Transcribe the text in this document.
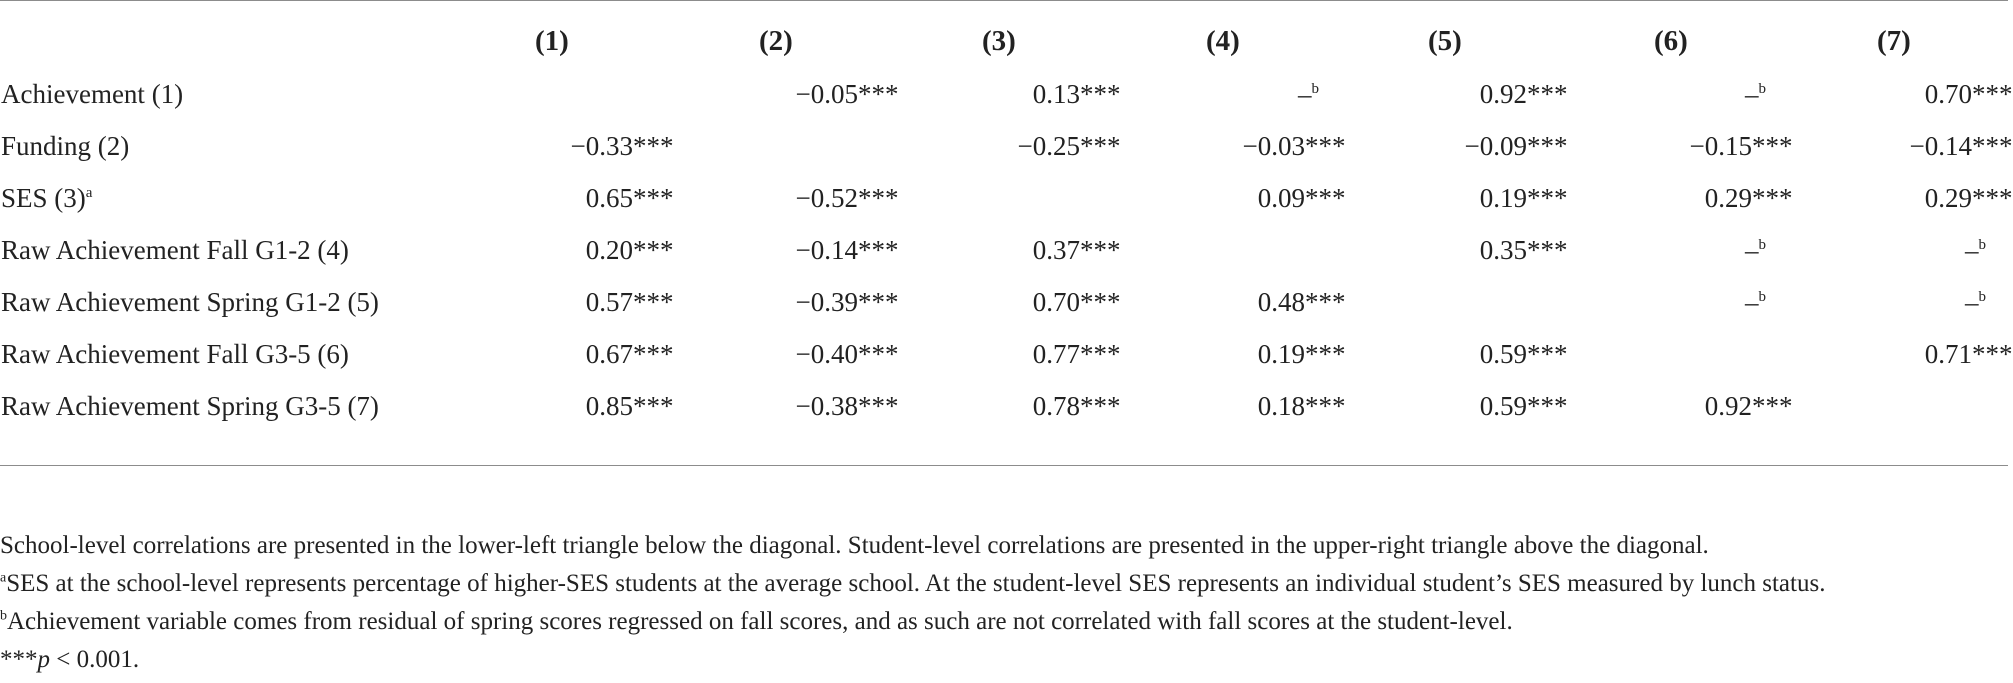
	(1)	(2)	(3)	(4)	(5)	(6)	(7)
Achievement (1)		−0.05***	0.13***	–$^b$	0.92***	–$^b$	0.70***
Funding (2)	−0.33***		−0.25***	−0.03***	−0.09***	−0.15***	−0.14***
SES $(3)^a$	0.65***	−0.52***		0.09***	0.19***	0.29***	0.29***
Raw Achievement Fall G1-2 (4)	0.20***	−0.14***	0.37***		0.35***	–$^b$	–$^b$
Raw Achievement Spring G1-2 (5)	0.57***	−0.39***	0.70***	0.48***		–$^b$	–$^b$
Raw Achievement Fall G3-5 (6)	0.67***	−0.40***	0.77***	0.19***	0.59***		0.71***
Raw Achievement Spring G3-5 (7)	0.85***	−0.38***	0.78***	0.18***	0.59***	0.92***	

School-level correlations are presented in the lower-left triangle below the diagonal. Student-level correlations are presented in the upper-right triangle above the diagonal.

$^a$SES at the school-level represents percentage of higher-SES students at the average school. At the student-level SES represents an individual student’s SES measured by lunch status.

$^b$Achievement variable comes from residual of spring scores regressed on fall scores, and as such are not correlated with fall scores at the student-level.

***p < 0.001.
